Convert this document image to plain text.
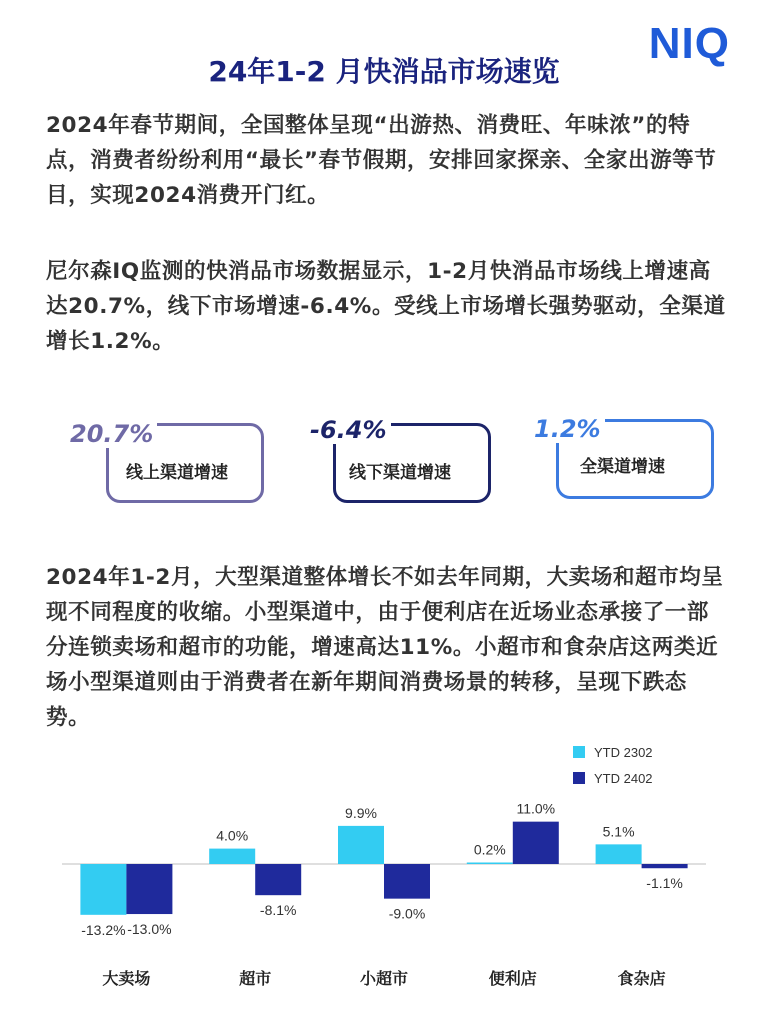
NIQ
24年1-2 月快消品市场速览
2024年春节期间，全国整体呈现“出游热、消费旺、年味浓”的特点，消费者纷纷利用“最长”春节假期，安排回家探亲、全家出游等节目，实现2024消费开门红。
尼尔森IQ监测的快消品市场数据显示，1-2月快消品市场线上增速高达20.7%，线下市场增速-6.4%。受线上市场增长强势驱动，全渠道增长1.2%。
20.7%
线上渠道增速
-6.4%
线下渠道增速
1.2%
全渠道增速
2024年1-2月，大型渠道整体增长不如去年同期，大卖场和超市均呈现不同程度的收缩。小型渠道中，由于便利店在近场业态承接了一部分连锁卖场和超市的功能，增速高达11%。小超市和食杂店这两类近场小型渠道则由于消费者在新年期间消费场景的转移，呈现下跌态势。
YTD 2302
YTD 2402
-13.2% -13.0%
大卖场
4.0%
-8.1%
超市
9.9%
-9.0%
小超市
0.2%
11.0%
便利店
5.1%
-1.1%
食杂店
